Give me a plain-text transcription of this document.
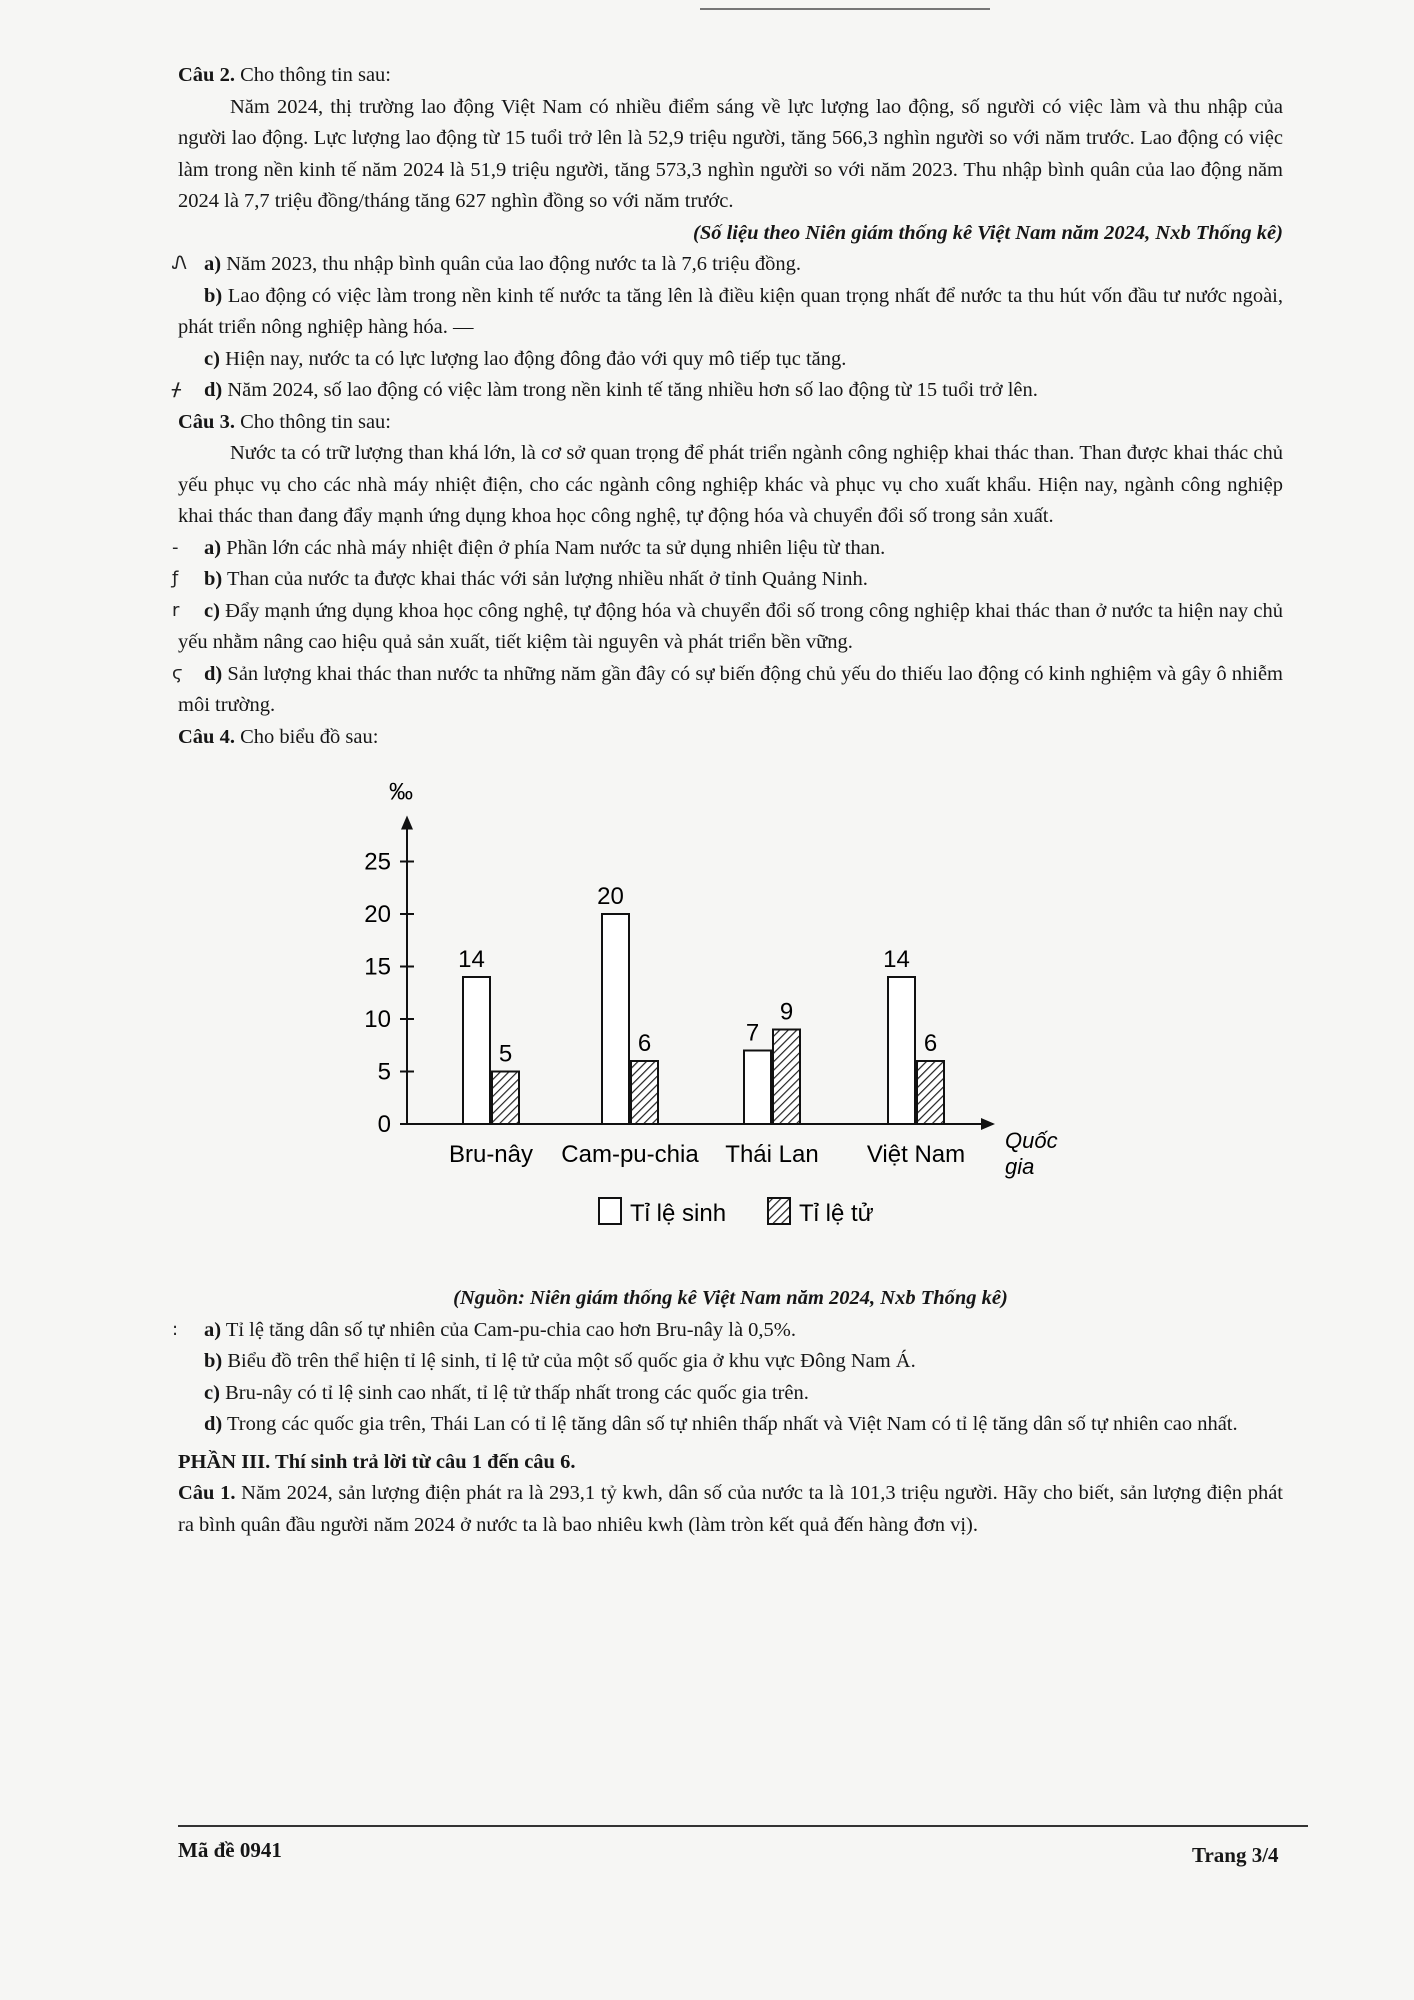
Câu 2. Cho thông tin sau:

Năm 2024, thị trường lao động Việt Nam có nhiều điểm sáng về lực lượng lao động, số người có việc làm và thu nhập của người lao động. Lực lượng lao động từ 15 tuổi trở lên là 52,9 triệu người, tăng 566,3 nghìn người so với năm trước. Lao động có việc làm trong nền kinh tế năm 2024 là 51,9 triệu người, tăng 573,3 nghìn người so với năm 2023. Thu nhập bình quân của lao động năm 2024 là 7,7 triệu đồng/tháng tăng 627 nghìn đồng so với năm trước.

(Số liệu theo Niên giám thống kê Việt Nam năm 2024, Nxb Thống kê)

Ꮑ a) Năm 2023, thu nhập bình quân của lao động nước ta là 7,6 triệu đồng.

b) Lao động có việc làm trong nền kinh tế nước ta tăng lên là điều kiện quan trọng nhất để nước ta thu hút vốn đầu tư nước ngoài, phát triển nông nghiệp hàng hóa. —

c) Hiện nay, nước ta có lực lượng lao động đông đảo với quy mô tiếp tục tăng.

ᚋ d) Năm 2024, số lao động có việc làm trong nền kinh tế tăng nhiều hơn số lao động từ 15 tuổi trở lên.

Câu 3. Cho thông tin sau:

Nước ta có trữ lượng than khá lớn, là cơ sở quan trọng để phát triển ngành công nghiệp khai thác than. Than được khai thác chủ yếu phục vụ cho các nhà máy nhiệt điện, cho các ngành công nghiệp khác và phục vụ cho xuất khẩu. Hiện nay, ngành công nghiệp khai thác than đang đẩy mạnh ứng dụng khoa học công nghệ, tự động hóa và chuyển đổi số trong sản xuất.

- a) Phần lớn các nhà máy nhiệt điện ở phía Nam nước ta sử dụng nhiên liệu từ than.

ƒ b) Than của nước ta được khai thác với sản lượng nhiều nhất ở tỉnh Quảng Ninh.

r c) Đẩy mạnh ứng dụng khoa học công nghệ, tự động hóa và chuyển đổi số trong công nghiệp khai thác than ở nước ta hiện nay chủ yếu nhằm nâng cao hiệu quả sản xuất, tiết kiệm tài nguyên và phát triển bền vững.

ϛ d) Sản lượng khai thác than nước ta những năm gần đây có sự biến động chủ yếu do thiếu lao động có kinh nghiệm và gây ô nhiễm môi trường.

Câu 4. Cho biểu đồ sau:

‰
0
5
10
15
20
25
14
5
Bru-nây
20
6
Cam-pu-chia
7
9
Thái Lan
14
6
Việt Nam
Quốc
gia
Tỉ lệ sinh	Tỉ lệ tử

(Nguồn: Niên giám thống kê Việt Nam năm 2024, Nxb Thống kê)

: a) Tỉ lệ tăng dân số tự nhiên của Cam-pu-chia cao hơn Bru-nây là 0,5%.

b) Biểu đồ trên thể hiện tỉ lệ sinh, tỉ lệ tử của một số quốc gia ở khu vực Đông Nam Á.

c) Bru-nây có tỉ lệ sinh cao nhất, tỉ lệ tử thấp nhất trong các quốc gia trên.

d) Trong các quốc gia trên, Thái Lan có tỉ lệ tăng dân số tự nhiên thấp nhất và Việt Nam có tỉ lệ tăng dân số tự nhiên cao nhất.

PHẦN III. Thí sinh trả lời từ câu 1 đến câu 6.

Câu 1. Năm 2024, sản lượng điện phát ra là 293,1 tỷ kwh, dân số của nước ta là 101,3 triệu người. Hãy cho biết, sản lượng điện phát ra bình quân đầu người năm 2024 ở nước ta là bao nhiêu kwh (làm tròn kết quả đến hàng đơn vị).

Mã đề 0941	Trang 3/4
